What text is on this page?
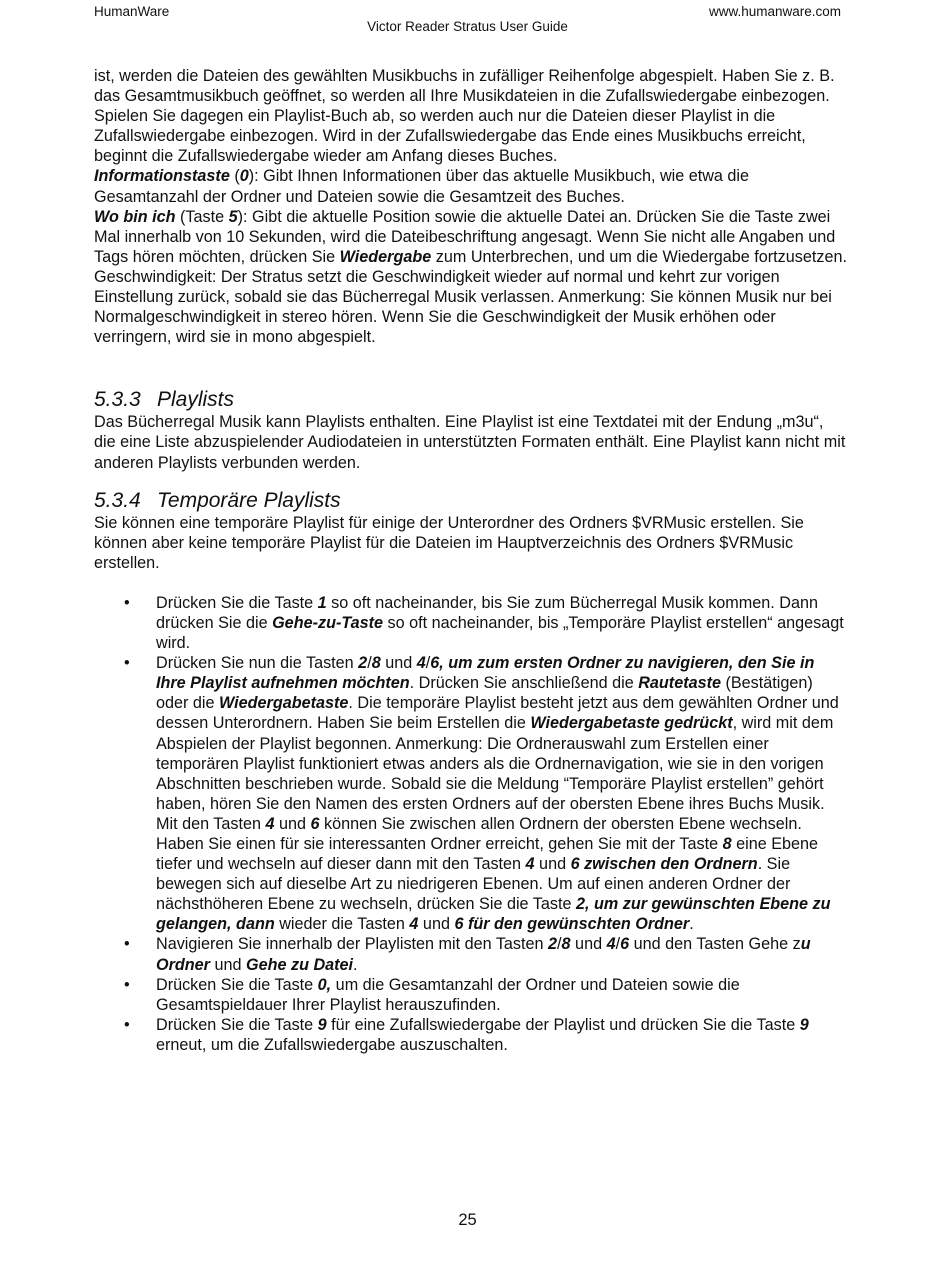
HumanWare	www.humanware.com
Victor Reader Stratus User Guide

ist, werden die Dateien des gewählten Musikbuchs in zufälliger Reihenfolge abgespielt. Haben Sie z. B. das Gesamtmusikbuch geöffnet, so werden all Ihre Musikdateien in die Zufallswiedergabe einbezogen. Spielen Sie dagegen ein Playlist-Buch ab, so werden auch nur die Dateien dieser Playlist in die Zufallswiedergabe einbezogen. Wird in der Zufallswiedergabe das Ende eines Musikbuchs erreicht, beginnt die Zufallswiedergabe wieder am Anfang dieses Buches.

Informationstaste (0): Gibt Ihnen Informationen über das aktuelle Musikbuch, wie etwa die Gesamtanzahl der Ordner und Dateien sowie die Gesamtzeit des Buches.

Wo bin ich (Taste 5): Gibt die aktuelle Position sowie die aktuelle Datei an. Drücken Sie die Taste zwei Mal innerhalb von 10 Sekunden, wird die Dateibeschriftung angesagt. Wenn Sie nicht alle Angaben und Tags hören möchten, drücken Sie Wiedergabe zum Unterbrechen, und um die Wiedergabe fortzusetzen.

Geschwindigkeit: Der Stratus setzt die Geschwindigkeit wieder auf normal und kehrt zur vorigen Einstellung zurück, sobald sie das Bücherregal Musik verlassen. Anmerkung: Sie können Musik nur bei Normalgeschwindigkeit in stereo hören. Wenn Sie die Geschwindigkeit der Musik erhöhen oder verringern, wird sie in mono abgespielt.

5.3.3 Playlists

Das Bücherregal Musik kann Playlists enthalten. Eine Playlist ist eine Textdatei mit der Endung „m3u“, die eine Liste abzuspielender Audiodateien in unterstützten Formaten enthält. Eine Playlist kann nicht mit anderen Playlists verbunden werden.

5.3.4 Temporäre Playlists

Sie können eine temporäre Playlist für einige der Unterordner des Ordners $VRMusic erstellen. Sie können aber keine temporäre Playlist für die Dateien im Hauptverzeichnis des Ordners $VRMusic erstellen.

• Drücken Sie die Taste 1 so oft nacheinander, bis Sie zum Bücherregal Musik kommen. Dann drücken Sie die Gehe-zu-Taste so oft nacheinander, bis „Temporäre Playlist erstellen“ angesagt wird.
• Drücken Sie nun die Tasten 2/8 und 4/6, um zum ersten Ordner zu navigieren, den Sie in Ihre Playlist aufnehmen möchten. Drücken Sie anschließend die Rautetaste (Bestätigen) oder die Wiedergabetaste. Die temporäre Playlist besteht jetzt aus dem gewählten Ordner und dessen Unterordnern. Haben Sie beim Erstellen die Wiedergabetaste gedrückt, wird mit dem Abspielen der Playlist begonnen. Anmerkung: Die Ordnerauswahl zum Erstellen einer temporären Playlist funktioniert etwas anders als die Ordnernavigation, wie sie in den vorigen Abschnitten beschrieben wurde. Sobald sie die Meldung “Temporäre Playlist erstellen” gehört haben, hören Sie den Namen des ersten Ordners auf der obersten Ebene ihres Buchs Musik. Mit den Tasten 4 und 6 können Sie zwischen allen Ordnern der obersten Ebene wechseln. Haben Sie einen für sie interessanten Ordner erreicht, gehen Sie mit der Taste 8 eine Ebene tiefer und wechseln auf dieser dann mit den Tasten 4 und 6 zwischen den Ordnern. Sie bewegen sich auf dieselbe Art zu niedrigeren Ebenen. Um auf einen anderen Ordner der nächsthöheren Ebene zu wechseln, drücken Sie die Taste 2, um zur gewünschten Ebene zu gelangen, dann wieder die Tasten 4 und 6 für den gewünschten Ordner.
• Navigieren Sie innerhalb der Playlisten mit den Tasten 2/8 und 4/6 und den Tasten Gehe zu Ordner und Gehe zu Datei.
• Drücken Sie die Taste 0, um die Gesamtanzahl der Ordner und Dateien sowie die Gesamtspieldauer Ihrer Playlist herauszufinden.
• Drücken Sie die Taste 9 für eine Zufallswiedergabe der Playlist und drücken Sie die Taste 9 erneut, um die Zufallswiedergabe auszuschalten.
25
